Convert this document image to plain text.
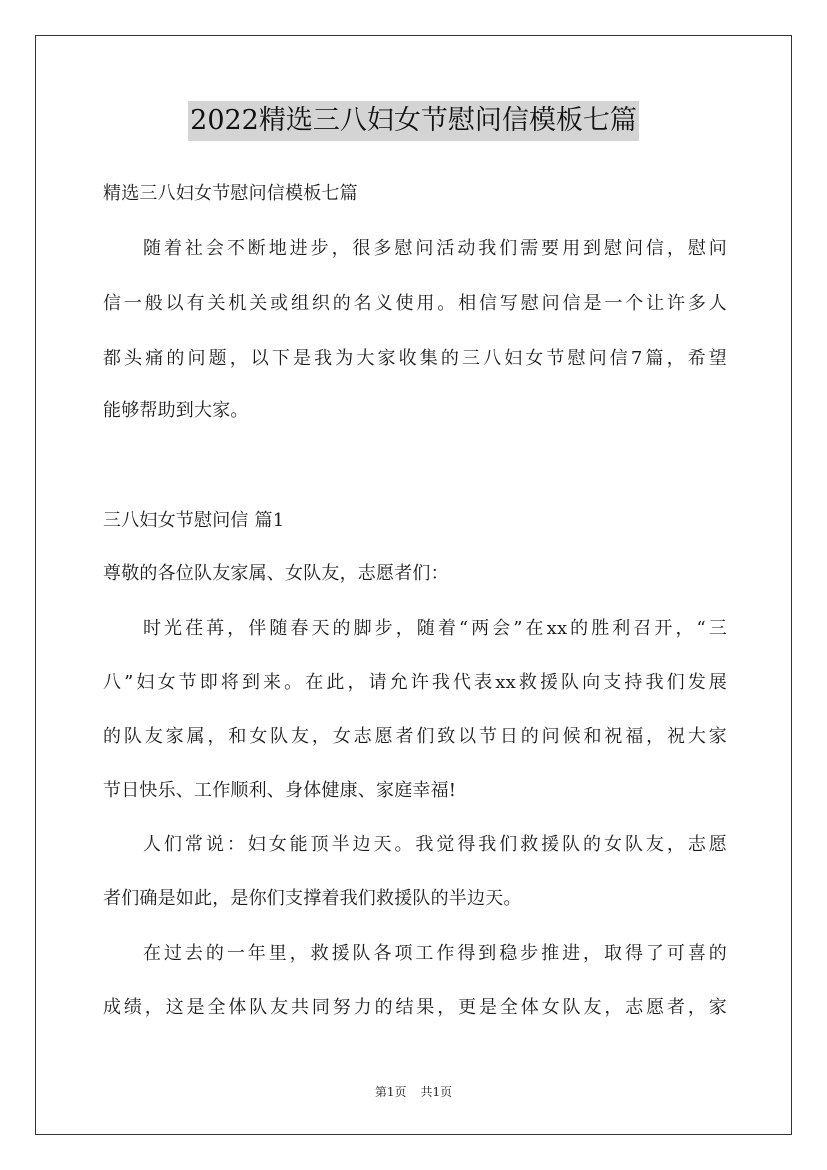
2022精选三八妇女节慰问信模板七篇
精选三八妇女节慰问信模板七篇
随着社会不断地进步，很多慰问活动我们需要用到慰问信，慰问
信一般以有关机关或组织的名义使用。相信写慰问信是一个让许多人
都头痛的问题，以下是我为大家收集的三八妇女节慰问信7篇，希望
能够帮助到大家。
三八妇女节慰问信 篇1
尊敬的各位队友家属、女队友，志愿者们：
时光荏苒，伴随春天的脚步，随着“两会”在xx的胜利召开，“三
八”妇女节即将到来。在此，请允许我代表xx救援队向支持我们发展
的队友家属，和女队友，女志愿者们致以节日的问候和祝福，祝大家
节日快乐、工作顺利、身体健康、家庭幸福!
人们常说：妇女能顶半边天。我觉得我们救援队的女队友，志愿
者们确是如此，是你们支撑着我们救援队的半边天。
在过去的一年里，救援队各项工作得到稳步推进，取得了可喜的
成绩，这是全体队友共同努力的结果，更是全体女队友，志愿者，家
第1页 共1页
